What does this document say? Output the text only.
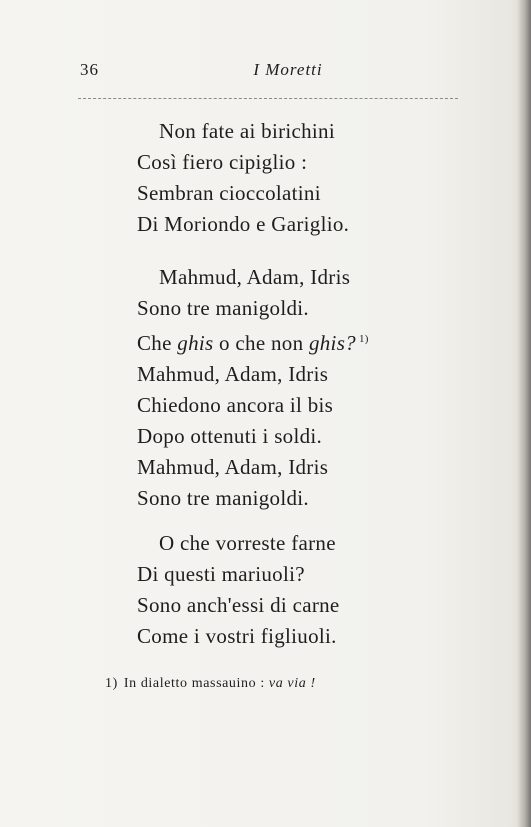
36	I Moretti
Non fate ai birichini
Così fiero cipiglio :
Sembran cioccolatini
Di Moriondo e Gariglio.
Mahmud, Adam, Idris
Sono tre manigoldi.
Che ghis o che non ghis? $^{1)}$
Mahmud, Adam, Idris
Chiedono ancora il bis
Dopo ottenuti i soldi.
Mahmud, Adam, Idris
Sono tre manigoldi.
O che vorreste farne
Di questi mariuoli?
Sono anch'essi di carne
Come i vostri figliuoli.
1) In dialetto massauino : va via !
